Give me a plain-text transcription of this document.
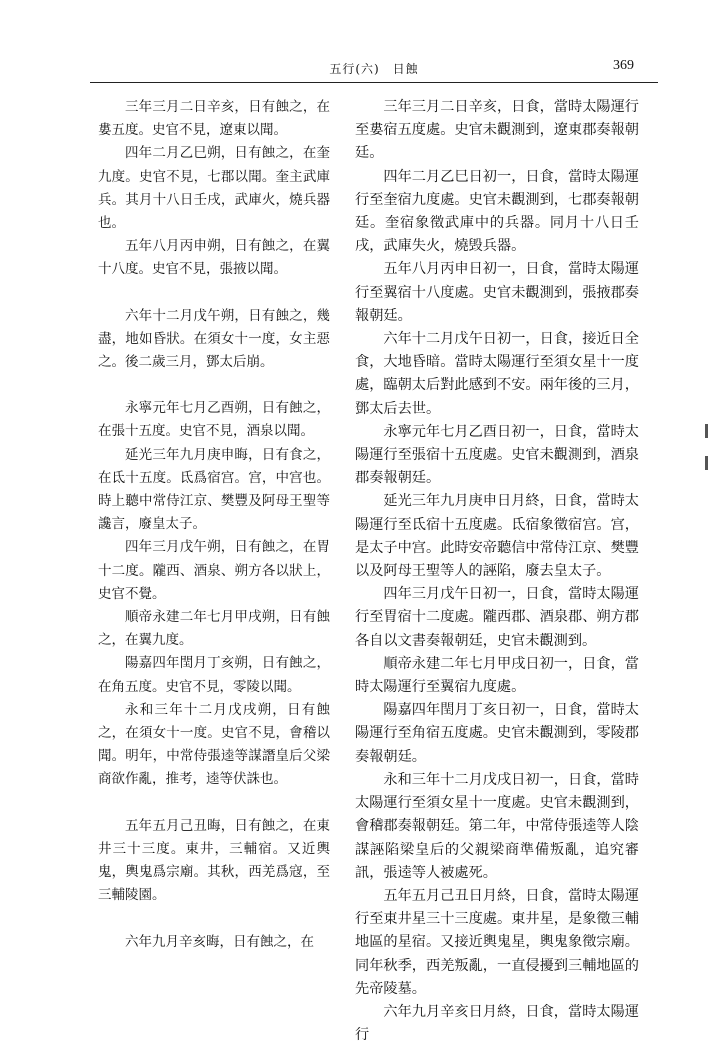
五行(六)　日蝕	369

三年三月二日辛亥，日有蝕之，在婁五度。史官不見，遼東以聞。

四年二月乙巳朔，日有蝕之，在奎九度。史官不見，七郡以聞。奎主武庫兵。其月十八日壬戌，武庫火，燒兵器也。

五年八月丙申朔，日有蝕之，在翼十八度。史官不見，張掖以聞。

六年十二月戊午朔，日有蝕之，幾盡，地如昏狀。在須女十一度，女主惡之。後二歲三月，鄧太后崩。

永寧元年七月乙酉朔，日有蝕之，在張十五度。史官不見，酒泉以聞。

延光三年九月庚申晦，日有食之，在氐十五度。氐爲宿宫。宫，中宫也。時上聽中常侍江京、樊豐及阿母王聖等讒言，廢皇太子。

四年三月戊午朔，日有蝕之，在胃十二度。隴西、酒泉、朔方各以狀上，史官不覺。

順帝永建二年七月甲戌朔，日有蝕之，在翼九度。

陽嘉四年閏月丁亥朔，日有蝕之，在角五度。史官不見，零陵以聞。

永和三年十二月戊戌朔，日有蝕之，在須女十一度。史官不見，會稽以聞。明年，中常侍張逵等謀譖皇后父梁商欲作亂，推考，逵等伏誅也。

五年五月己丑晦，日有蝕之，在東井三十三度。東井，三輔宿。又近輿鬼，輿鬼爲宗廟。其秋，西羌爲寇，至三輔陵園。

六年九月辛亥晦，日有蝕之，在

三年三月二日辛亥，日食，當時太陽運行至婁宿五度處。史官未觀測到，遼東郡奏報朝廷。

四年二月乙巳日初一，日食，當時太陽運行至奎宿九度處。史官未觀測到，七郡奏報朝廷。奎宿象徵武庫中的兵器。同月十八日壬戌，武庫失火，燒毁兵器。

五年八月丙申日初一，日食，當時太陽運行至翼宿十八度處。史官未觀測到，張掖郡奏報朝廷。

六年十二月戊午日初一，日食，接近日全食，大地昏暗。當時太陽運行至須女星十一度處，臨朝太后對此感到不安。兩年後的三月，鄧太后去世。

永寧元年七月乙酉日初一，日食，當時太陽運行至張宿十五度處。史官未觀測到，酒泉郡奏報朝廷。

延光三年九月庚申日月終，日食，當時太陽運行至氐宿十五度處。氐宿象徵宿宫。宫，是太子中宫。此時安帝聽信中常侍江京、樊豐以及阿母王聖等人的誣陷，廢去皇太子。

四年三月戊午日初一，日食，當時太陽運行至胃宿十二度處。隴西郡、酒泉郡、朔方郡各自以文書奏報朝廷，史官未觀測到。

順帝永建二年七月甲戌日初一，日食，當時太陽運行至翼宿九度處。

陽嘉四年閏月丁亥日初一，日食，當時太陽運行至角宿五度處。史官未觀測到，零陵郡奏報朝廷。

永和三年十二月戊戌日初一，日食，當時太陽運行至須女星十一度處。史官未觀測到，會稽郡奏報朝廷。第二年，中常侍張逵等人陰謀誣陷梁皇后的父親梁商準備叛亂，追究審訊，張逵等人被處死。

五年五月己丑日月終，日食，當時太陽運行至東井星三十三度處。東井星，是象徵三輔地區的星宿。又接近輿鬼星，輿鬼象徵宗廟。同年秋季，西羌叛亂，一直侵擾到三輔地區的先帝陵墓。

六年九月辛亥日月終，日食，當時太陽運行
